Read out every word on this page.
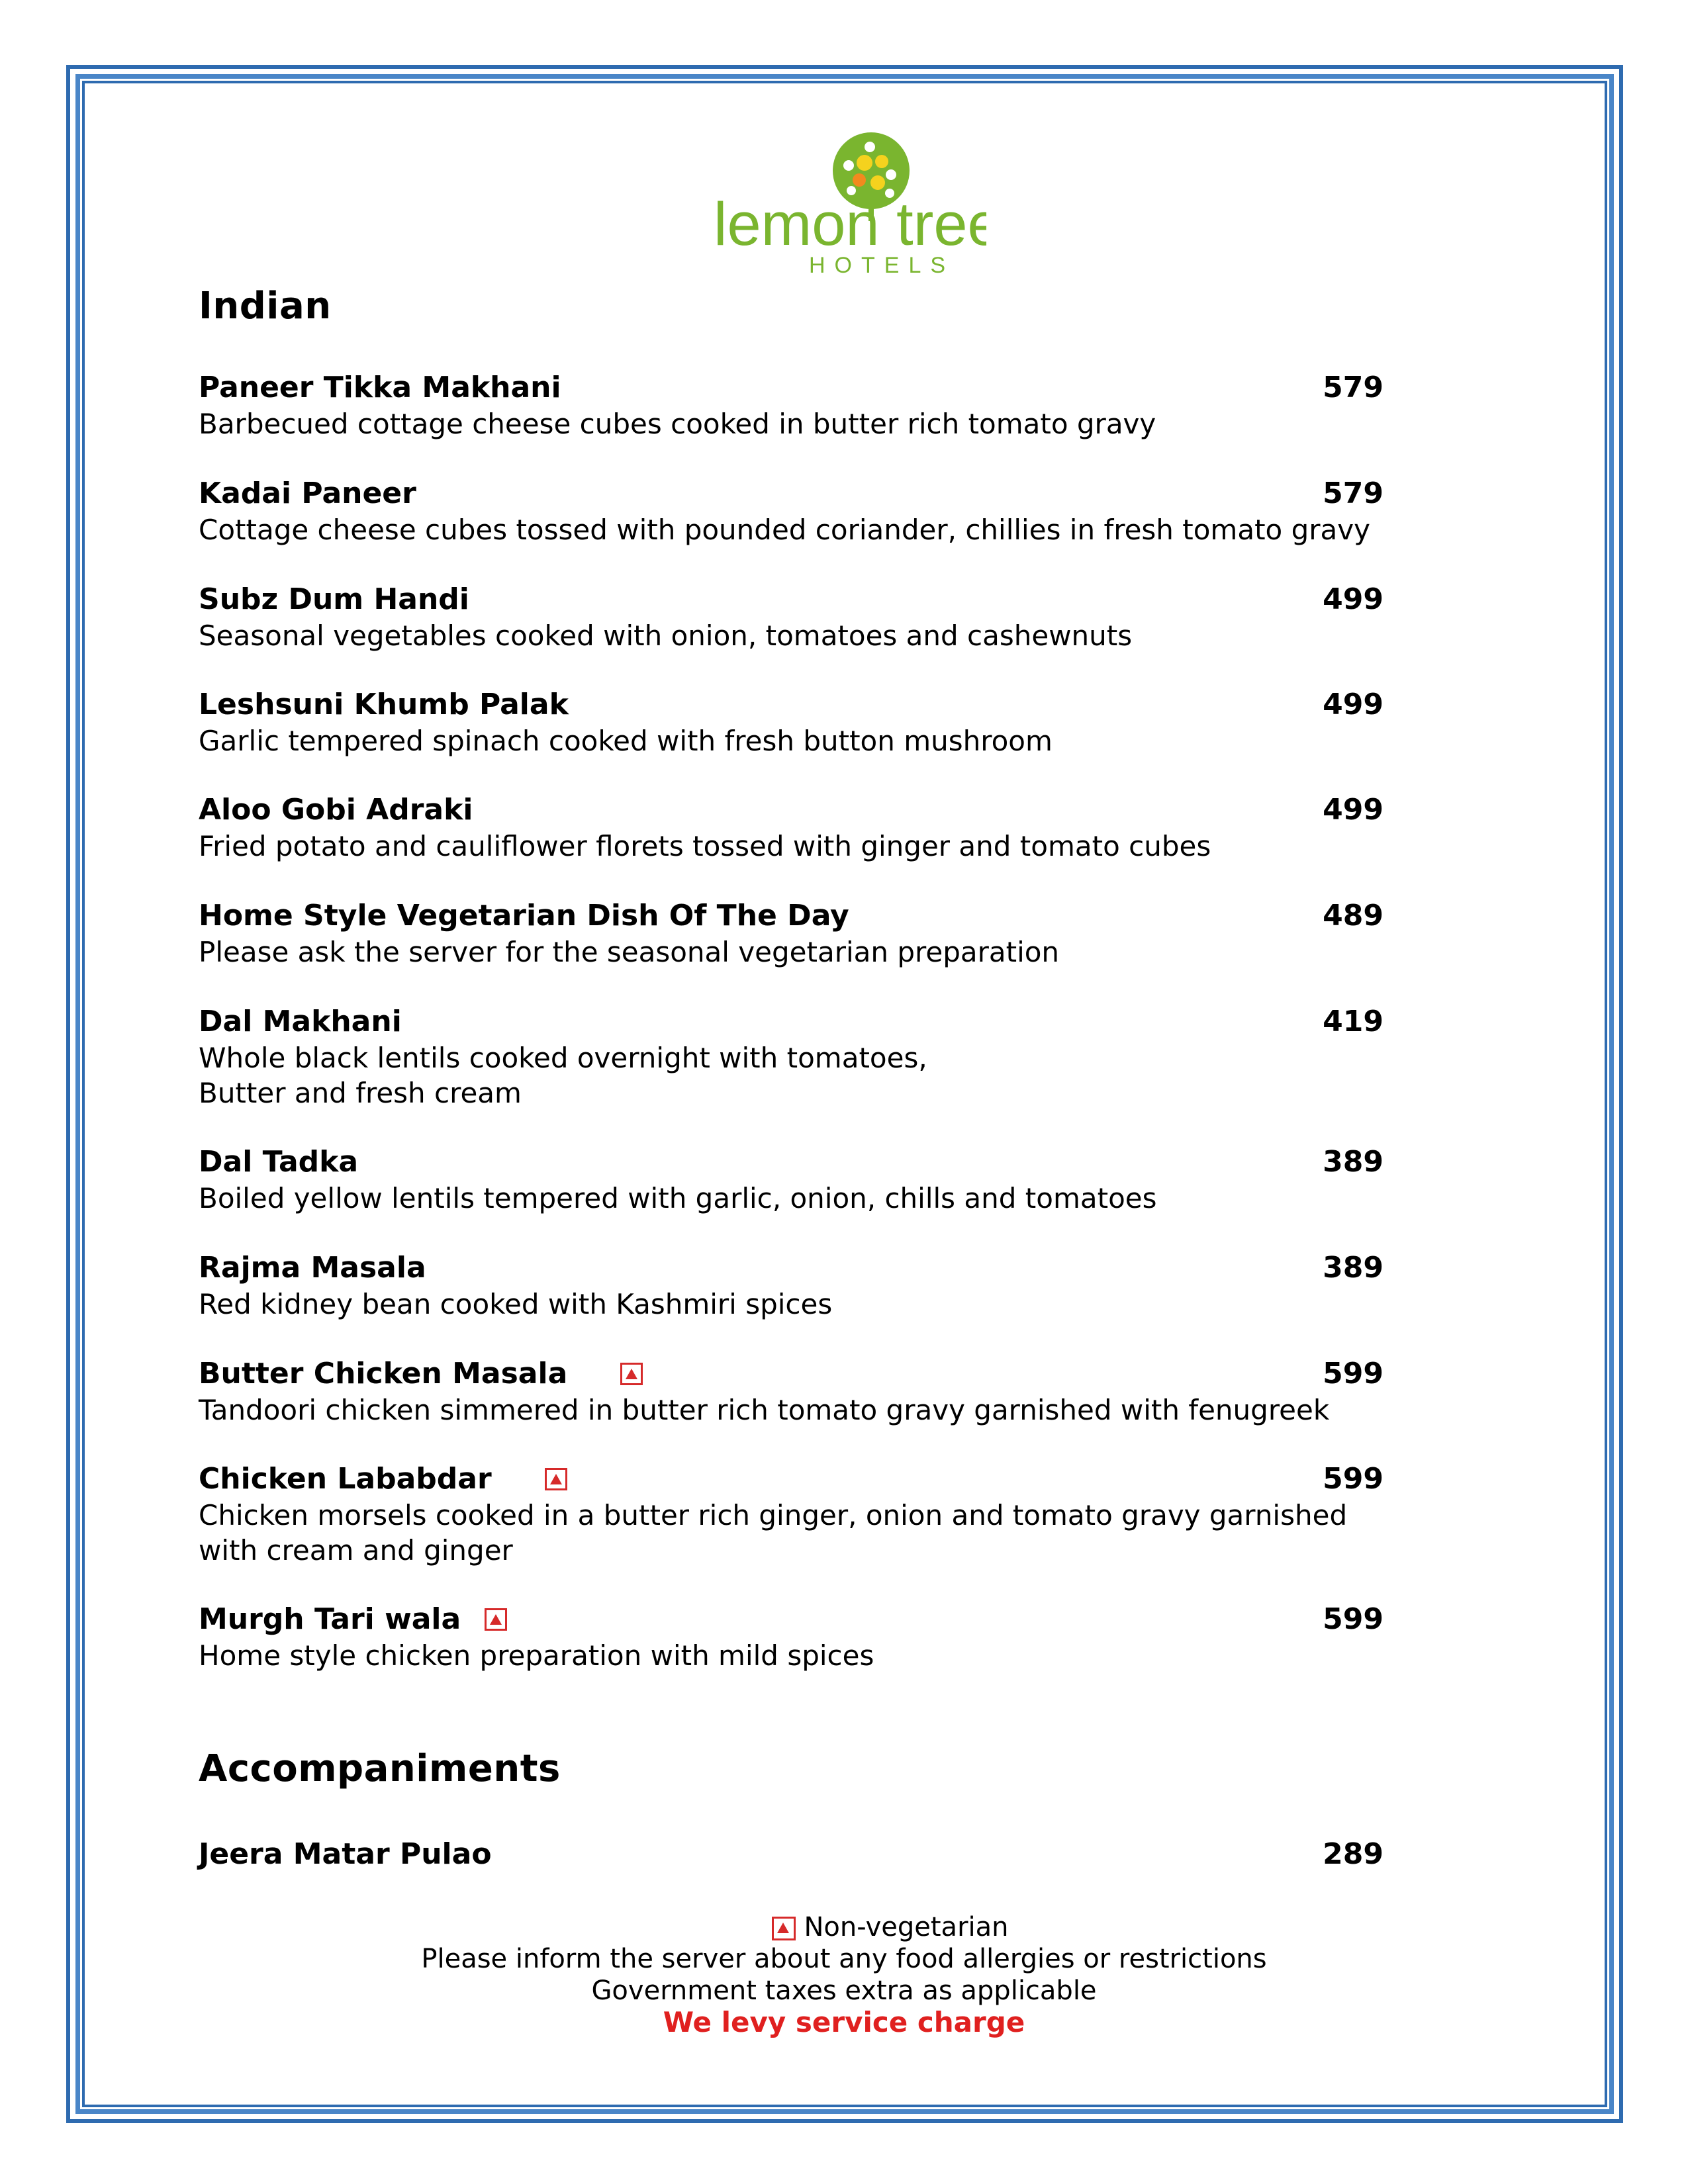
lemon tree
HOTELS
Indian
Paneer Tikka Makhani	579
Barbecued cottage cheese cubes cooked in butter rich tomato gravy
Kadai Paneer	579
Cottage cheese cubes tossed with pounded coriander, chillies in fresh tomato gravy
Subz Dum Handi	499
Seasonal vegetables cooked with onion, tomatoes and cashewnuts
Leshsuni Khumb Palak	499
Garlic tempered spinach cooked with fresh button mushroom
Aloo Gobi Adraki	499
Fried potato and cauliflower florets tossed with ginger and tomato cubes
Home Style Vegetarian Dish Of The Day	489
Please ask the server for the seasonal vegetarian preparation
Dal Makhani	419
Whole black lentils cooked overnight with tomatoes,
Butter and fresh cream
Dal Tadka	389
Boiled yellow lentils tempered with garlic, onion, chills and tomatoes
Rajma Masala	389
Red kidney bean cooked with Kashmiri spices
Butter Chicken Masala	599
Tandoori chicken simmered in butter rich tomato gravy garnished with fenugreek
Chicken Lababdar	599
Chicken morsels cooked in a butter rich ginger, onion and tomato gravy garnished
with cream and ginger
Murgh Tari wala	599
Home style chicken preparation with mild spices
Accompaniments
Jeera Matar Pulao	289
Non-vegetarian
Please inform the server about any food allergies or restrictions
Government taxes extra as applicable
We levy service charge
